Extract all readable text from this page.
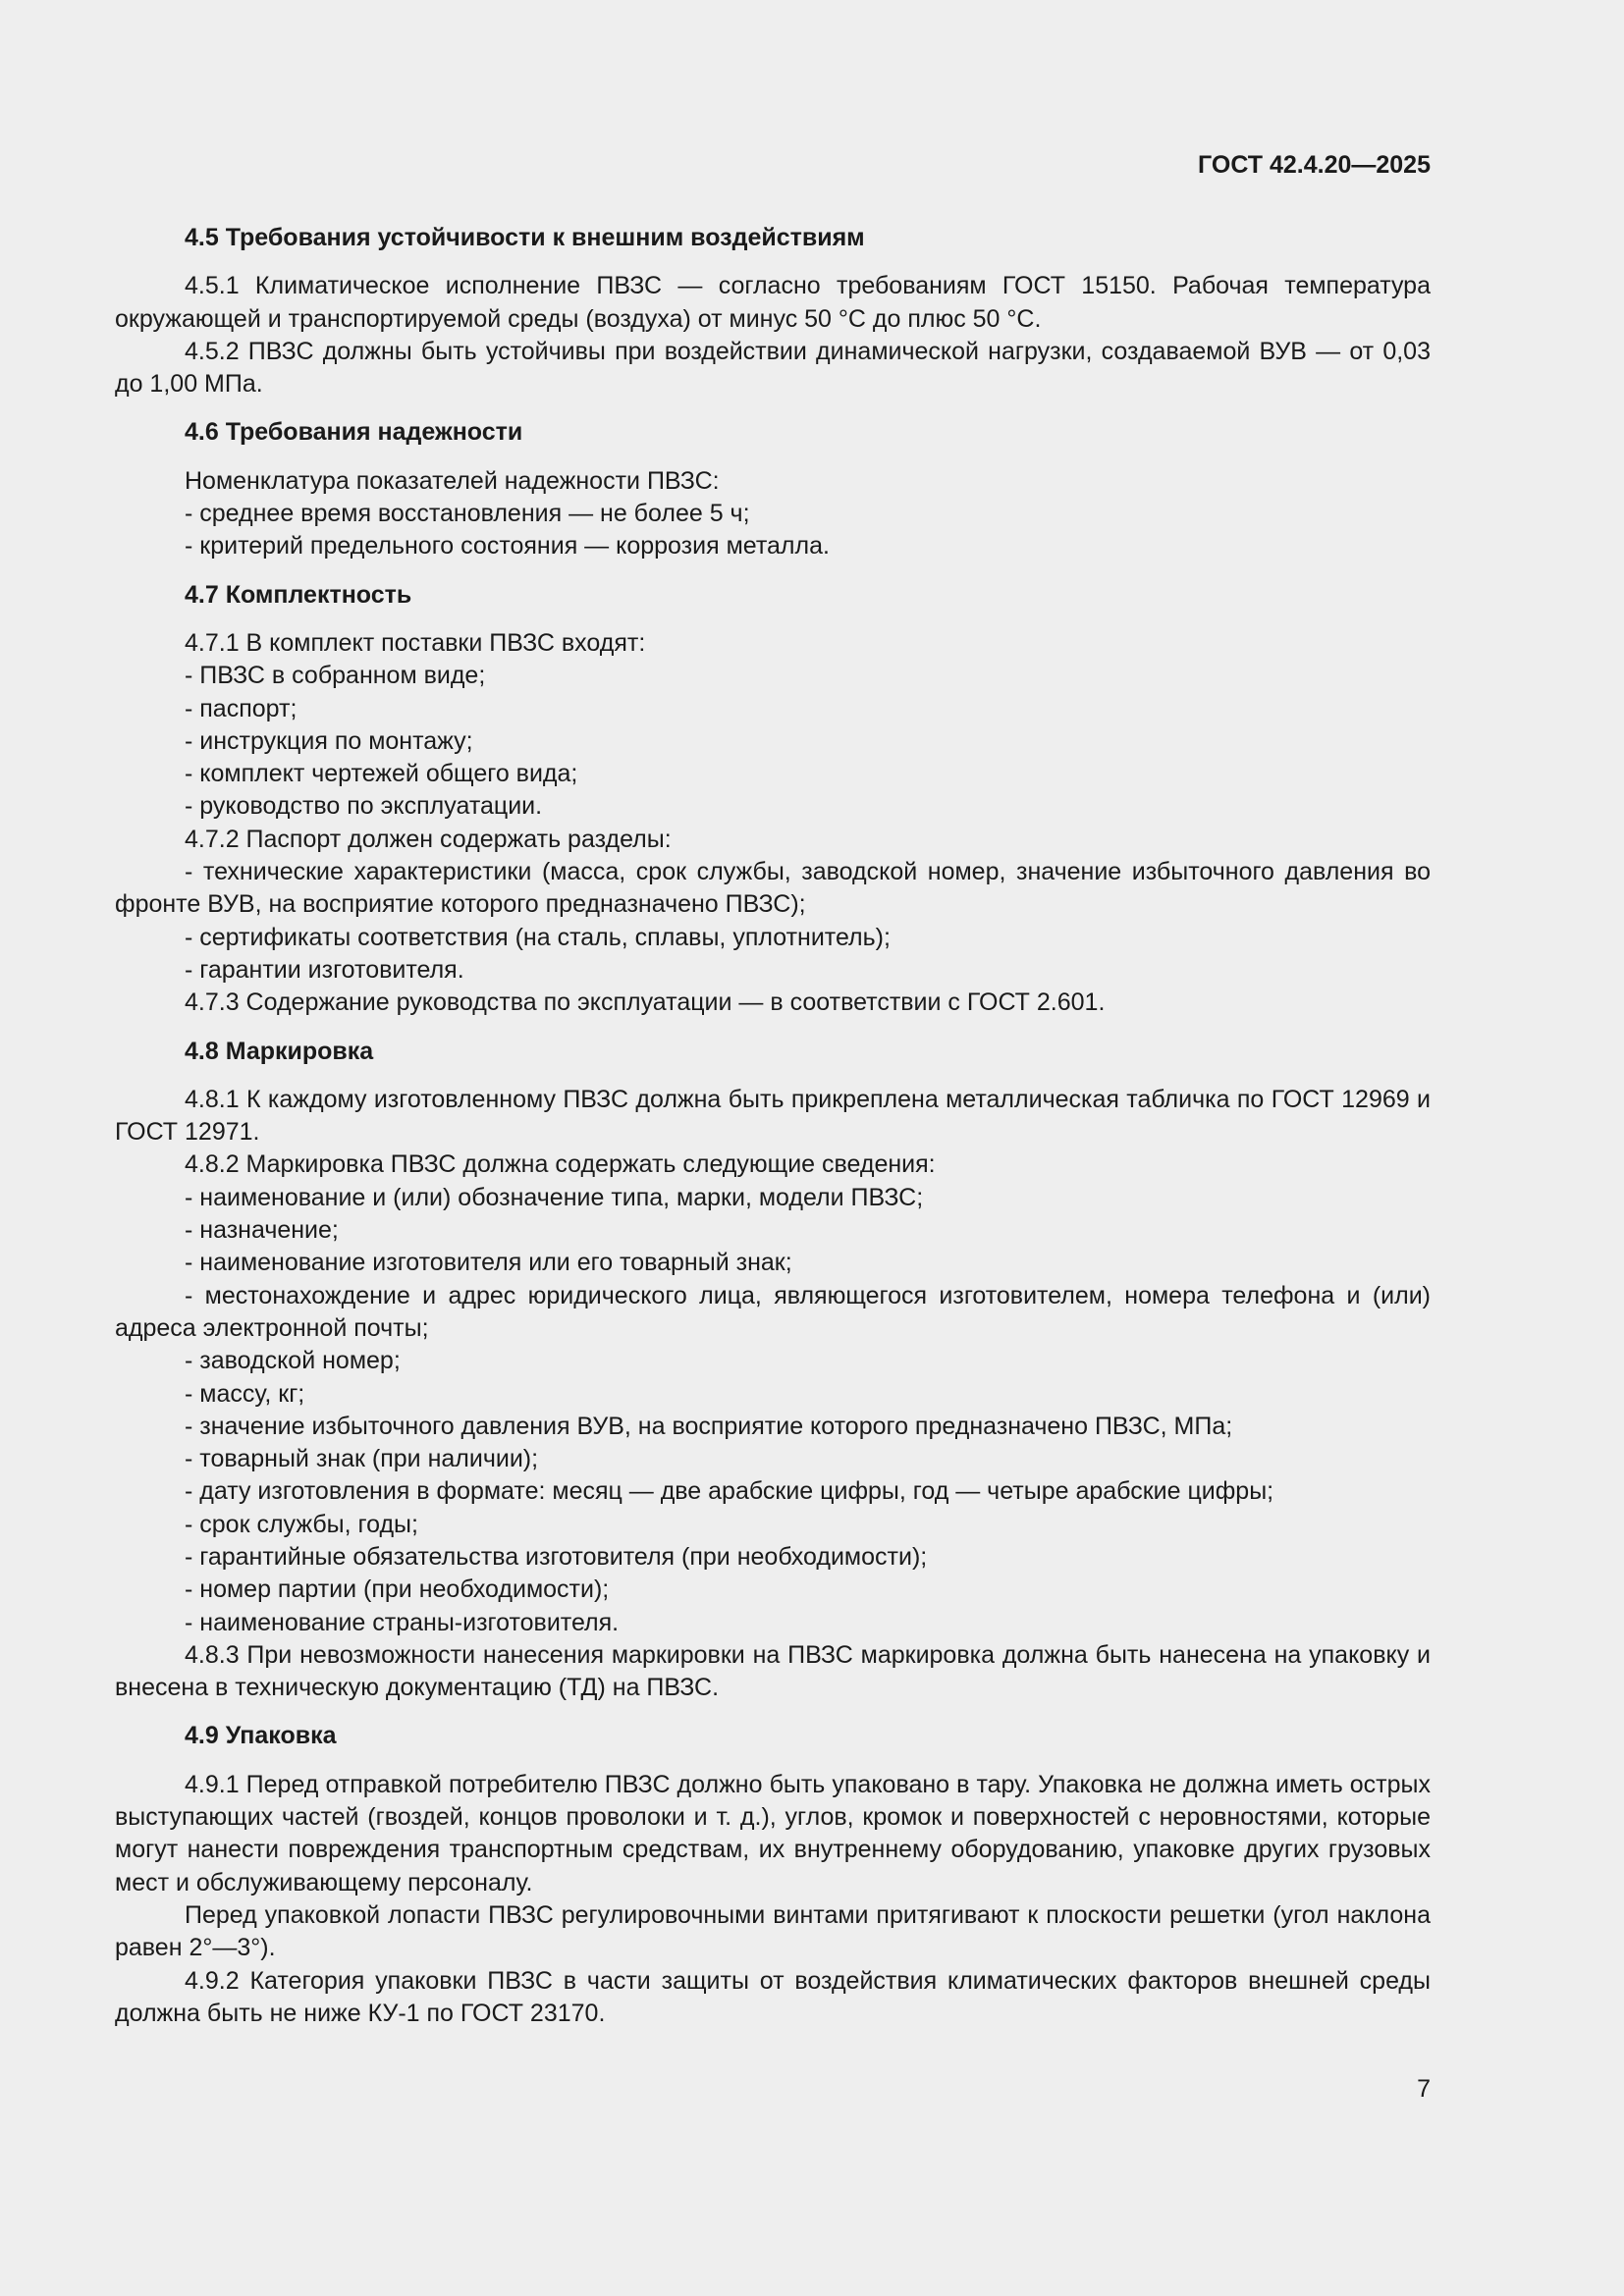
ГОСТ 42.4.20—2025

4.5 Требования устойчивости к внешним воздействиям

4.5.1 Климатическое исполнение ПВЗС — согласно требованиям ГОСТ 15150. Рабочая температура окружающей и транспортируемой среды (воздуха) от минус 50 °С до плюс 50 °С.

4.5.2 ПВЗС должны быть устойчивы при воздействии динамической нагрузки, создаваемой ВУВ — от 0,03 до 1,00 МПа.

4.6 Требования надежности

Номенклатура показателей надежности ПВЗС:

- среднее время восстановления — не более 5 ч;

- критерий предельного состояния — коррозия металла.

4.7 Комплектность

4.7.1 В комплект поставки ПВЗС входят:

- ПВЗС в собранном виде;

- паспорт;

- инструкция по монтажу;

- комплект чертежей общего вида;

- руководство по эксплуатации.

4.7.2 Паспорт должен содержать разделы:

- технические характеристики (масса, срок службы, заводской номер, значение избыточного давления во фронте ВУВ, на восприятие которого предназначено ПВЗС);

- сертификаты соответствия (на сталь, сплавы, уплотнитель);

- гарантии изготовителя.

4.7.3 Содержание руководства по эксплуатации — в соответствии с ГОСТ 2.601.

4.8 Маркировка

4.8.1 К каждому изготовленному ПВЗС должна быть прикреплена металлическая табличка по ГОСТ 12969 и ГОСТ 12971.

4.8.2 Маркировка ПВЗС должна содержать следующие сведения:

- наименование и (или) обозначение типа, марки, модели ПВЗС;

- назначение;

- наименование изготовителя или его товарный знак;

- местонахождение и адрес юридического лица, являющегося изготовителем, номера телефона и (или) адреса электронной почты;

- заводской номер;

- массу, кг;

- значение избыточного давления ВУВ, на восприятие которого предназначено ПВЗС, МПа;

- товарный знак (при наличии);

- дату изготовления в формате: месяц — две арабские цифры, год — четыре арабские цифры;

- срок службы, годы;

- гарантийные обязательства изготовителя (при необходимости);

- номер партии (при необходимости);

- наименование страны-изготовителя.

4.8.3 При невозможности нанесения маркировки на ПВЗС маркировка должна быть нанесена на упаковку и внесена в техническую документацию (ТД) на ПВЗС.

4.9 Упаковка

4.9.1 Перед отправкой потребителю ПВЗС должно быть упаковано в тару. Упаковка не должна иметь острых выступающих частей (гвоздей, концов проволоки и т. д.), углов, кромок и поверхностей с неровностями, которые могут нанести повреждения транспортным средствам, их внутреннему оборудованию, упаковке других грузовых мест и обслуживающему персоналу.

Перед упаковкой лопасти ПВЗС регулировочными винтами притягивают к плоскости решетки (угол наклона равен 2°—3°).

4.9.2 Категория упаковки ПВЗС в части защиты от воздействия климатических факторов внешней среды должна быть не ниже КУ-1 по ГОСТ 23170.

7
